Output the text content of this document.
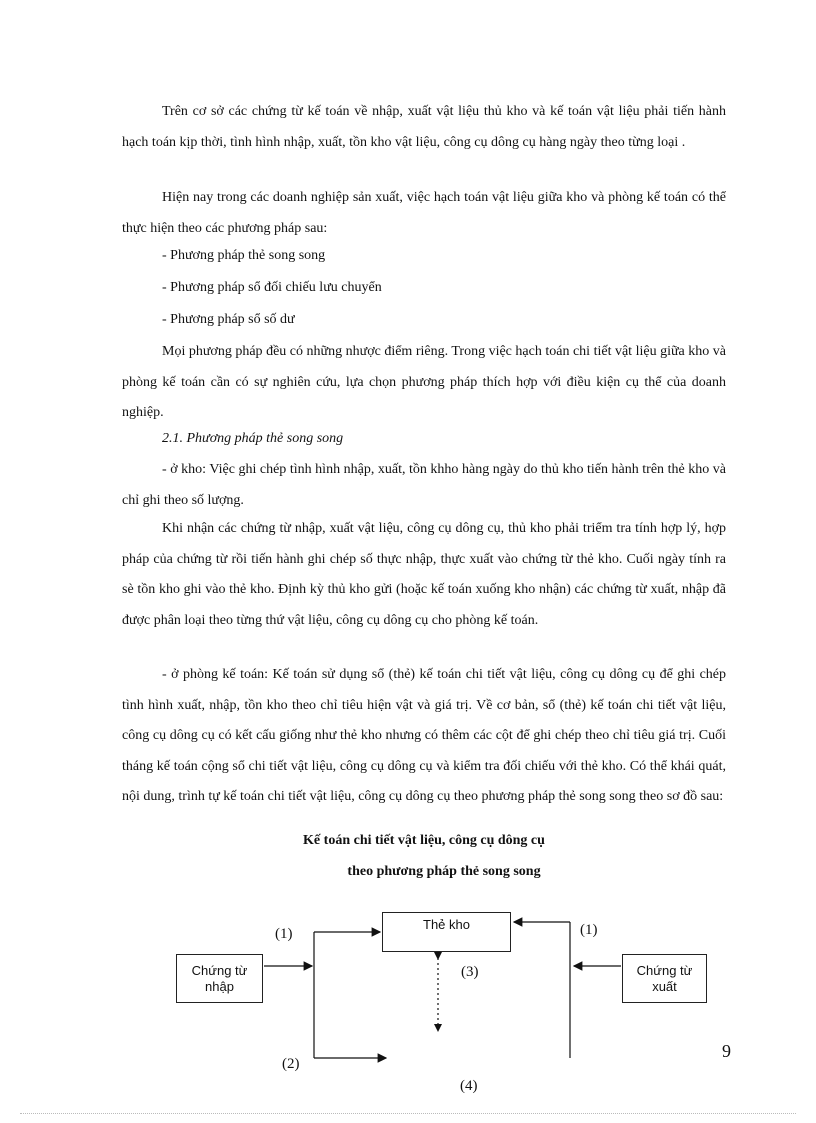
Trên cơ sở các chứng từ kế toán về nhập, xuất vật liệu thủ kho và kế toán vật liệu phải tiến hành hạch toán kịp thời, tình hình nhập, xuất, tồn kho vật liệu, công cụ dông cụ hàng ngày theo từng loại .

Hiện nay trong các doanh nghiệp sản xuất, việc hạch toán vật liệu giữa kho và phòng kế toán có thể thực hiện theo các phương pháp sau:

- Phương pháp thẻ song song

- Phương pháp sổ đối chiếu lưu chuyển

- Phương pháp sổ số dư

Mọi phương pháp đều có những nhược điểm riêng. Trong việc hạch toán chi tiết vật liệu giữa kho và phòng kế toán cần có sự nghiên cứu, lựa chọn phương pháp thích hợp với điều kiện cụ thể của doanh nghiệp.

2.1. Phương pháp thẻ song song

- ở kho: Việc ghi chép tình hình nhập, xuất, tồn khho hàng ngày do thủ kho tiến hành trên thẻ kho và chỉ ghi theo số lượng.

Khi nhận các chứng từ nhập, xuất vật liệu, công cụ dông cụ, thủ kho phải triểm tra tính hợp lý, hợp pháp của chứng từ rồi tiến hành ghi chép số thực nhập, thực xuất vào chứng từ thẻ kho. Cuối ngày tính ra sè tồn kho ghi vào thẻ kho. Định kỳ thủ kho gửi (hoặc kế toán xuống kho nhận) các chứng từ xuất, nhập đã được phân loại theo từng thứ vật liệu, công cụ dông cụ cho phòng kế toán.

- ở phòng kế toán: Kế toán sử dụng sổ (thẻ) kế toán chi tiết vật liệu, công cụ dông cụ để ghi chép tình hình xuất, nhập, tồn kho theo chỉ tiêu hiện vật và giá trị. Về cơ bản, sổ (thẻ) kế toán chi tiết vật liệu, công cụ dông cụ có kết cấu giống như thẻ kho nhưng có thêm các cột để ghi chép theo chỉ tiêu giá trị. Cuối tháng kế toán cộng sổ chi tiết vật liệu, công cụ dông cụ và kiểm tra đối chiếu với thẻ kho. Có thể khái quát, nội dung, trình tự kế toán chi tiết vật liệu, công cụ dông cụ theo phương pháp thẻ song song theo sơ đồ sau:

Kế toán chi tiết vật liệu, công cụ dông cụ

theo phương pháp thẻ song song

Thẻ kho
Chứng từ
nhập
Chứng từ
xuất
(1)	(1)
(3)
(2)
(4)
9
